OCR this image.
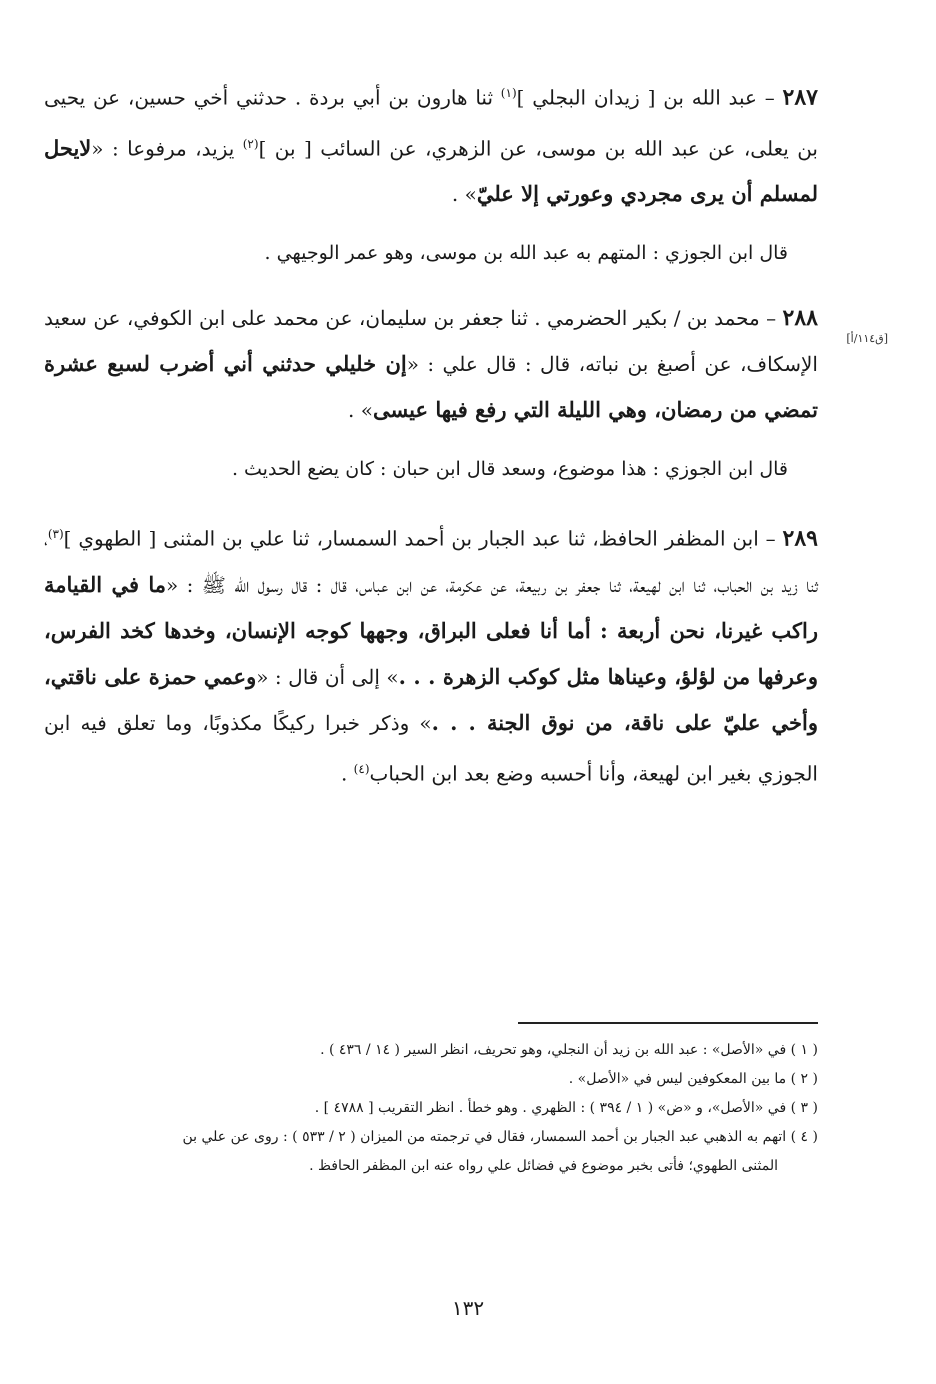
[ق١١٤/أ]

٢٨٧ – عبد الله بن [ زيدان البجلي ]$^{(١)}$ ثنا هارون بن أبي بردة . حدثني أخي حسين، عن يحيى بن يعلى، عن عبد الله بن موسى، عن الزهري، عن السائب [ بن ]$^{(٢)}$ يزيد، مرفوعا : «لايحل لمسلم أن يرى مجردي وعورتي إلا عليّ» .

قال ابن الجوزي : المتهم به عبد الله بن موسى، وهو عمر الوجيهي .

٢٨٨ – محمد بن / بكير الحضرمي . ثنا جعفر بن سليمان، عن محمد على ابن الكوفي، عن سعيد الإسكاف، عن أصبغ بن نباته، قال : قال علي : «إن خليلي حدثني أني أضرب لسبع عشرة تمضي من رمضان، وهي الليلة التي رفع فيها عيسى» .

قال ابن الجوزي : هذا موضوع، وسعد قال ابن حبان : كان يضع الحديث .

٢٨٩ – ابن المظفر الحافظ، ثنا عبد الجبار بن أحمد السمسار، ثنا علي بن المثنى [ الطهوي ]$^{(٣)}$، ثنا زيد بن الحباب، ثنا ابن لهيعة، ثنا جعفر بن ربيعة، عن عكرمة، عن ابن عباس، قال : قال رسول الله ﷺ : «ما في القيامة راكب غيرنا، نحن أربعة : أما أنا فعلى البراق، وجهها كوجه الإنسان، وخدها كخد الفرس، وعرفها من لؤلؤ، وعيناها مثل كوكب الزهرة . . .» إلى أن قال : «وعمي حمزة على ناقتي، وأخي عليّ على ناقة، من نوق الجنة . . .» وذكر خبرا ركيكًا مكذوبًا، وما تعلق فيه ابن الجوزي بغير ابن لهيعة، وأنا أحسبه وضع بعد ابن الحباب$^{(٤)}$ .

( ١ ) في «الأصل» : عبد الله بن زيد أن النجلي، وهو تحريف، انظر السير ( ١٤ / ٤٣٦ ) .

( ٢ ) ما بين المعكوفين ليس في «الأصل» .

( ٣ ) في «الأصل»، و «ض» ( ١ / ٣٩٤ ) : الظهري . وهو خطأ . انظر التقريب [ ٤٧٨٨ ] .

( ٤ ) اتهم به الذهبي عبد الجبار بن أحمد السمسار، فقال في ترجمته من الميزان ( ٢ / ٥٣٣ ) : روى عن علي بن
المثنى الطهوي؛ فأتى بخبر موضوع في فضائل علي رواه عنه ابن المظفر الحافظ .

١٣٢
